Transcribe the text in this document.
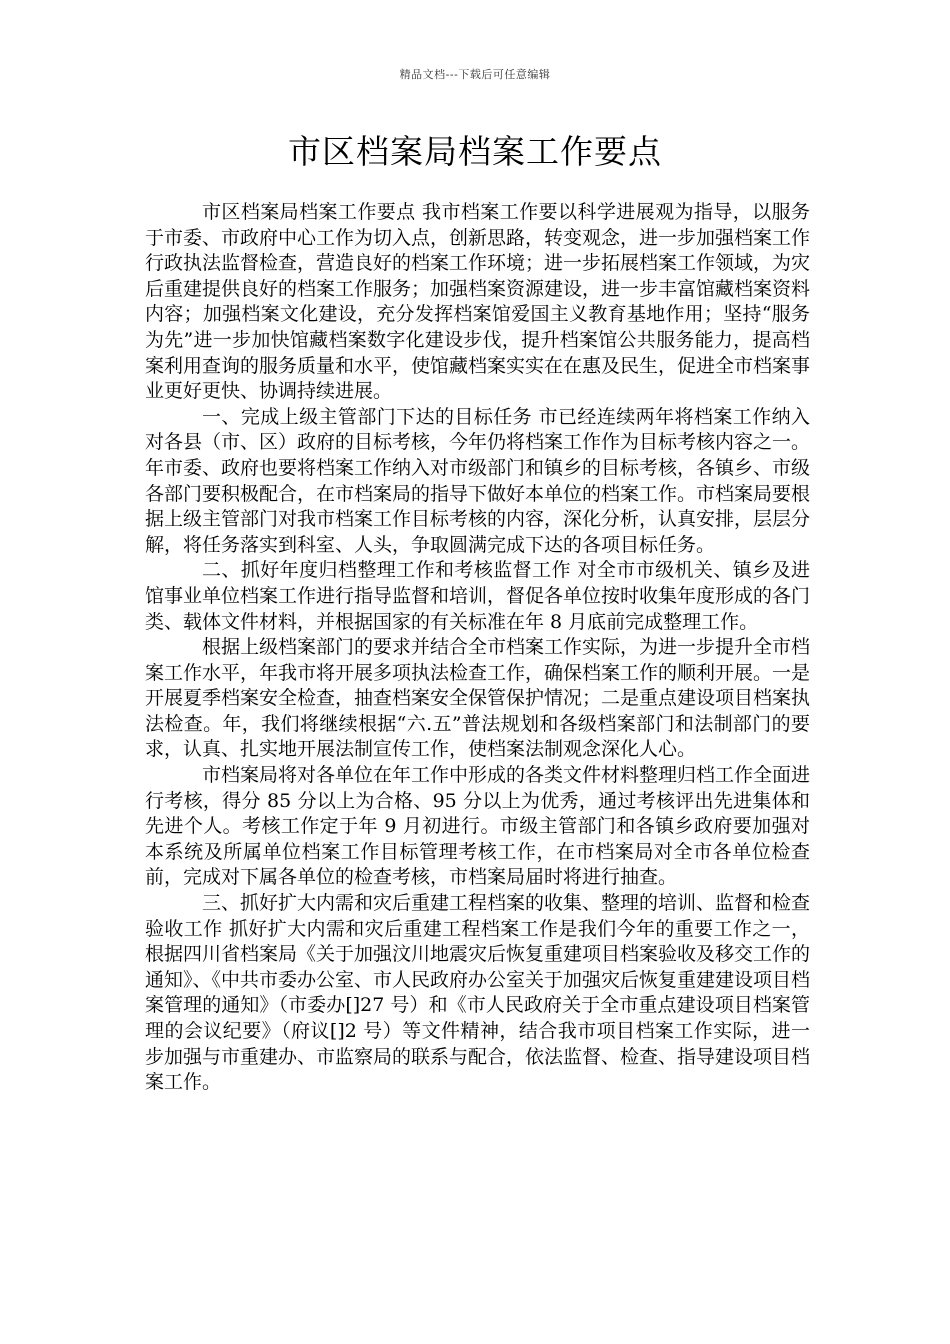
精品文档---下载后可任意编辑
市区档案局档案工作要点

市区档案局档案工作要点 我市档案工作要以科学进展观为指导，以服务于市委、市政府中心工作为切入点，创新思路，转变观念，进一步加强档案工作行政执法监督检查，营造良好的档案工作环境；进一步拓展档案工作领域，为灾后重建提供良好的档案工作服务；加强档案资源建设，进一步丰富馆藏档案资料内容；加强档案文化建设，充分发挥档案馆爱国主义教育基地作用；坚持“服务为先”进一步加快馆藏档案数字化建设步伐，提升档案馆公共服务能力，提高档案利用查询的服务质量和水平，使馆藏档案实实在在惠及民生，促进全市档案事业更好更快、协调持续进展。

一、完成上级主管部门下达的目标任务 市已经连续两年将档案工作纳入对各县（市、区）政府的目标考核，今年仍将档案工作作为目标考核内容之一。年市委、政府也要将档案工作纳入对市级部门和镇乡的目标考核，各镇乡、市级各部门要积极配合，在市档案局的指导下做好本单位的档案工作。市档案局要根据上级主管部门对我市档案工作目标考核的内容，深化分析，认真安排，层层分解，将任务落实到科室、人头，争取圆满完成下达的各项目标任务。

二、抓好年度归档整理工作和考核监督工作 对全市市级机关、镇乡及进馆事业单位档案工作进行指导监督和培训，督促各单位按时收集年度形成的各门类、载体文件材料，并根据国家的有关标准在年 8 月底前完成整理工作。

根据上级档案部门的要求并结合全市档案工作实际，为进一步提升全市档案工作水平，年我市将开展多项执法检查工作，确保档案工作的顺利开展。一是开展夏季档案安全检查，抽查档案安全保管保护情况；二是重点建设项目档案执法检查。年，我们将继续根据“六.五”普法规划和各级档案部门和法制部门的要求，认真、扎实地开展法制宣传工作，使档案法制观念深化人心。

市档案局将对各单位在年工作中形成的各类文件材料整理归档工作全面进行考核，得分 85 分以上为合格、95 分以上为优秀，通过考核评出先进集体和先进个人。考核工作定于年 9 月初进行。市级主管部门和各镇乡政府要加强对本系统及所属单位档案工作目标管理考核工作，在市档案局对全市各单位检查前，完成对下属各单位的检查考核，市档案局届时将进行抽查。

三、抓好扩大内需和灾后重建工程档案的收集、整理的培训、监督和检查验收工作 抓好扩大内需和灾后重建工程档案工作是我们今年的重要工作之一，根据四川省档案局《关于加强汶川地震灾后恢复重建项目档案验收及移交工作的通知》、《中共市委办公室、市人民政府办公室关于加强灾后恢复重建建设项目档案管理的通知》（市委办[]27 号）和《市人民政府关于全市重点建设项目档案管理的会议纪要》（府议[]2 号）等文件精神，结合我市项目档案工作实际，进一步加强与市重建办、市监察局的联系与配合，依法监督、检查、指导建设项目档案工作。
